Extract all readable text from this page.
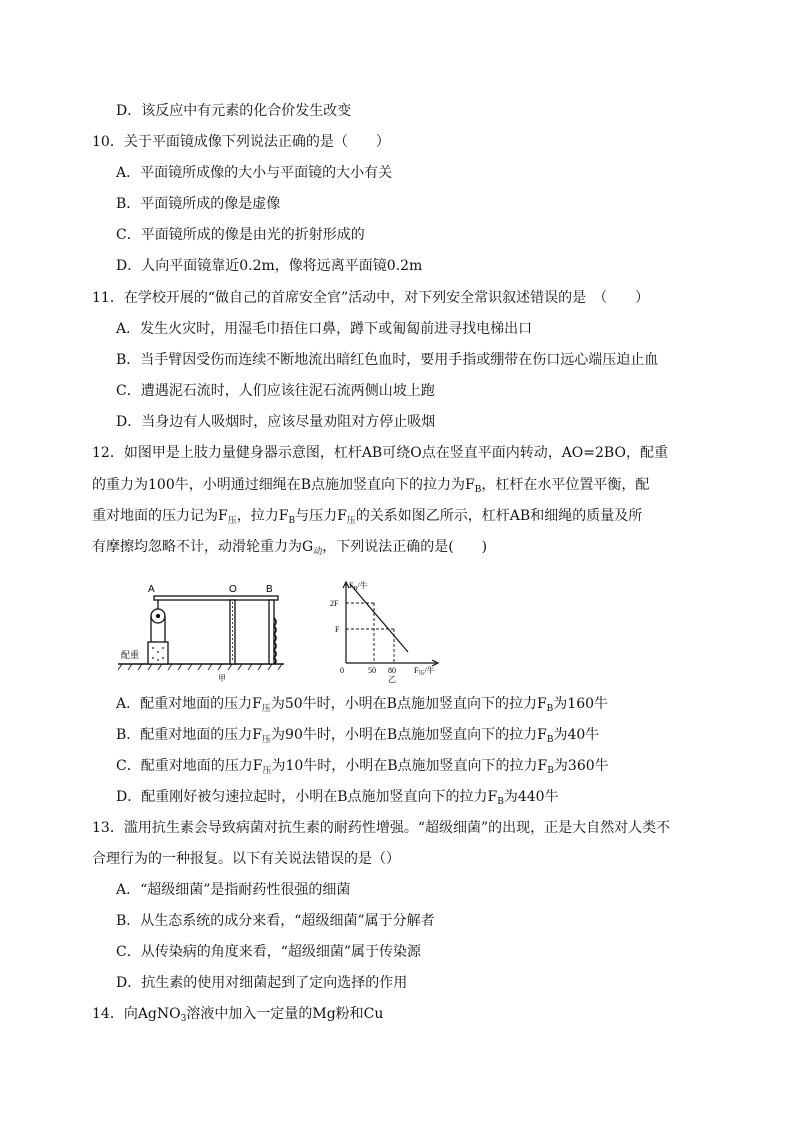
D．该反应中有元素的化合价发生改变
10．关于平面镜成像下列说法正确的是（　　）
A．平面镜所成像的大小与平面镜的大小有关
B．平面镜所成的像是虚像
C．平面镜所成的像是由光的折射形成的
D．人向平面镜靠近0.2m，像将远离平面镜0.2m
11．在学校开展的“做自己的首席安全官”活动中，对下列安全常识叙述错误的是　（　　）
A．发生火灾时，用湿毛巾捂住口鼻，蹲下或匍匐前进寻找电梯出口
B．当手臂因受伤而连续不断地流出暗红色血时，要用手指或绷带在伤口远心端压迫止血
C．遭遇泥石流时，人们应该往泥石流两侧山坡上跑
D．当身边有人吸烟时，应该尽量劝阻对方停止吸烟
12．如图甲是上肢力量健身器示意图，杠杆AB可绕O点在竖直平面内转动，AO=2BO，配重
的重力为100牛，小明通过细绳在B点施加竖直向下的拉力为$F_B$，杠杆在水平位置平衡，配
重对地面的压力记为$F_压$，拉力$F_B$与压力$F_压$的关系如图乙所示，杠杆AB和细绳的质量及所
有摩擦均忽略不计，动滑轮重力为$G_动$，下列说法正确的是(　　)
A	O	B
配重
甲
$F_B/$牛
2F
F
0	50 80 $F_压/$牛
乙
A．配重对地面的压力$F_压$为50牛时，小明在B点施加竖直向下的拉力$F_B$为160牛
B．配重对地面的压力$F_压$为90牛时，小明在B点施加竖直向下的拉力$F_B$为40牛
C．配重对地面的压力$F_压$为10牛时，小明在B点施加竖直向下的拉力$F_B$为360牛
D．配重刚好被匀速拉起时，小明在B点施加竖直向下的拉力$F_B$为440牛
13．滥用抗生素会导致病菌对抗生素的耐药性增强。“超级细菌”的出现，正是大自然对人类不
合理行为的一种报复。以下有关说法错误的是（）
A．“超级细菌”是指耐药性很强的细菌
B．从生态系统的成分来看，“超级细菌”属于分解者
C．从传染病的角度来看，“超级细菌”属于传染源
D．抗生素的使用对细菌起到了定向选择的作用
14．向AgNO$_3$溶液中加入一定量的Mg粉和Cu
